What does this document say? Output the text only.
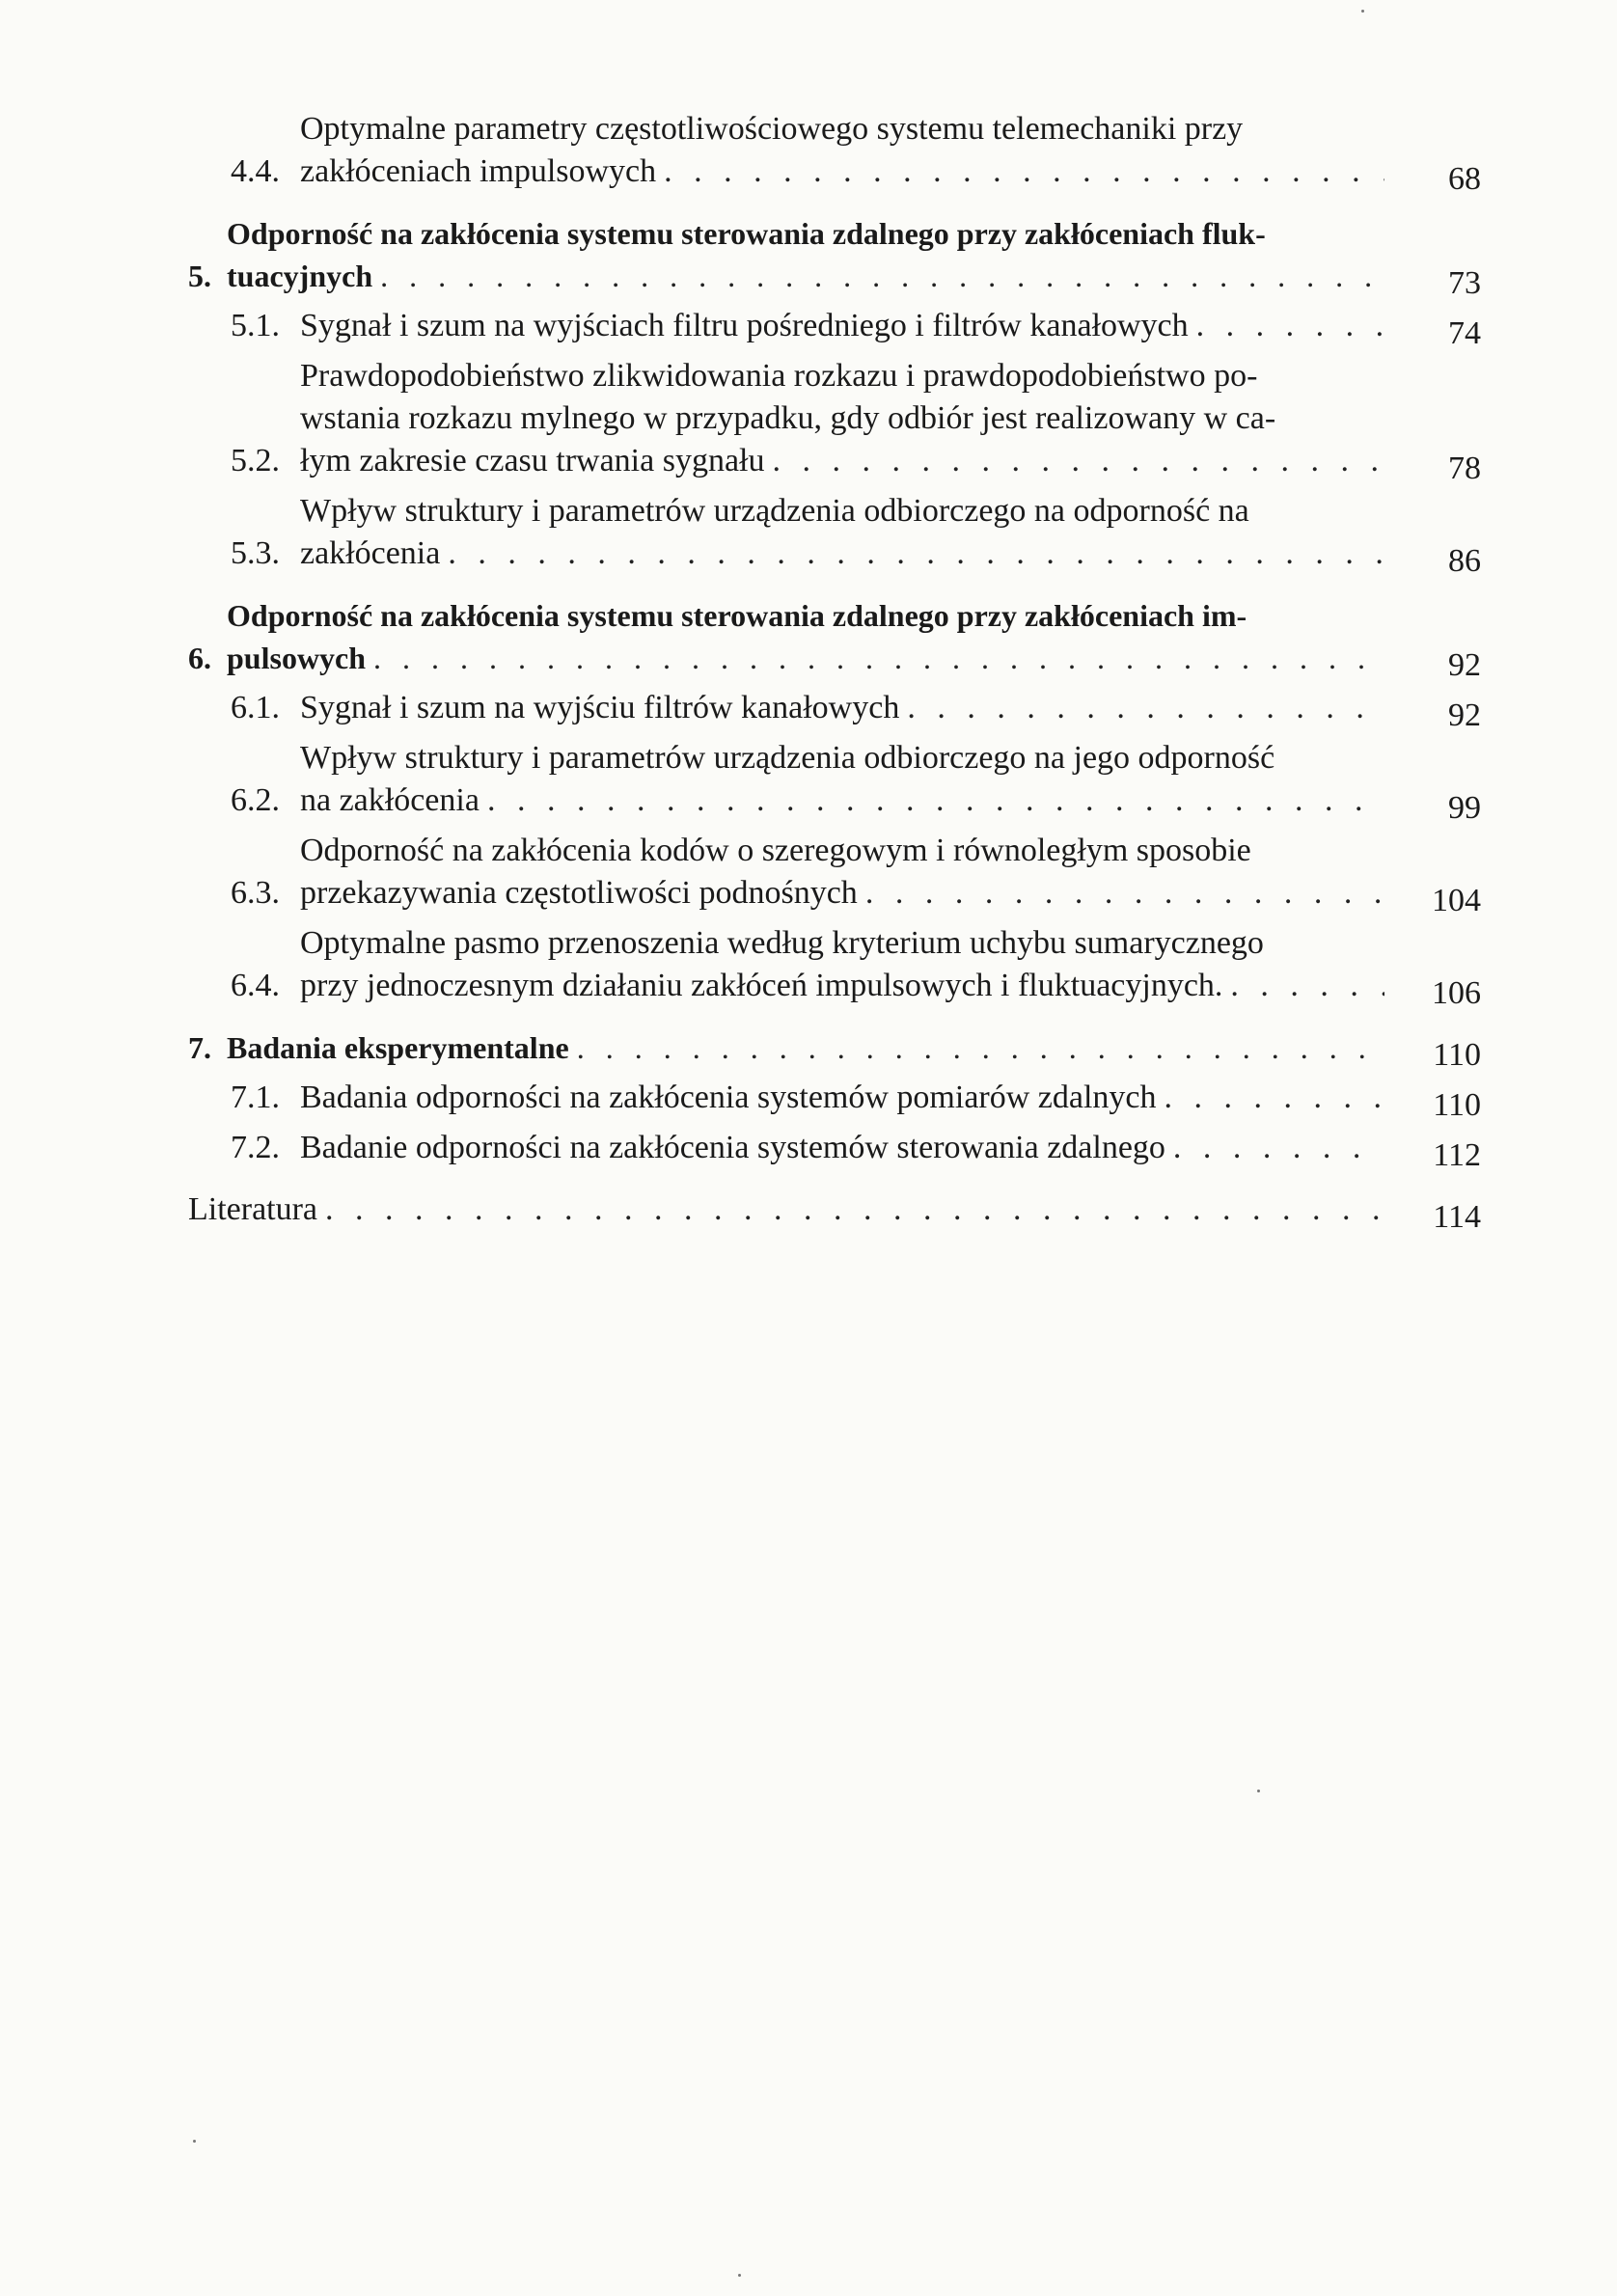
4.4.
Optymalne parametry częstotliwościowego systemu telemechaniki przy
zakłóceniach impulsowych . . .	68
5.
Odporność na zakłócenia systemu sterowania zdalnego przy zakłóceniach fluk-
tuacyjnych . . .	73
5.1. Sygnał i szum na wyjściach filtru pośredniego i filtrów kanałowych . . .	74
5.2.
Prawdopodobieństwo zlikwidowania rozkazu i prawdopodobieństwo po-
wstania rozkazu mylnego w przypadku, gdy odbiór jest realizowany w ca-
łym zakresie czasu trwania sygnału . . .	78
5.3.
Wpływ struktury i parametrów urządzenia odbiorczego na odporność na
zakłócenia . . .	86
6.
Odporność na zakłócenia systemu sterowania zdalnego przy zakłóceniach im-
pulsowych . . .	92
6.1. Sygnał i szum na wyjściu filtrów kanałowych . . .	92
6.2.
Wpływ struktury i parametrów urządzenia odbiorczego na jego odporność
na zakłócenia . . .	99
6.3.
Odporność na zakłócenia kodów o szeregowym i równoległym sposobie
przekazywania częstotliwości podnośnych . . .	104
6.4.
Optymalne pasmo przenoszenia według kryterium uchybu sumarycznego
przy jednoczesnym działaniu zakłóceń impulsowych i fluktuacyjnych. . . .	106
7. Badania eksperymentalne . . .	110
7.1. Badania odporności na zakłócenia systemów pomiarów zdalnych . . .	110
7.2. Badanie odporności na zakłócenia systemów sterowania zdalnego . . .	112
Literatura . . .	114
